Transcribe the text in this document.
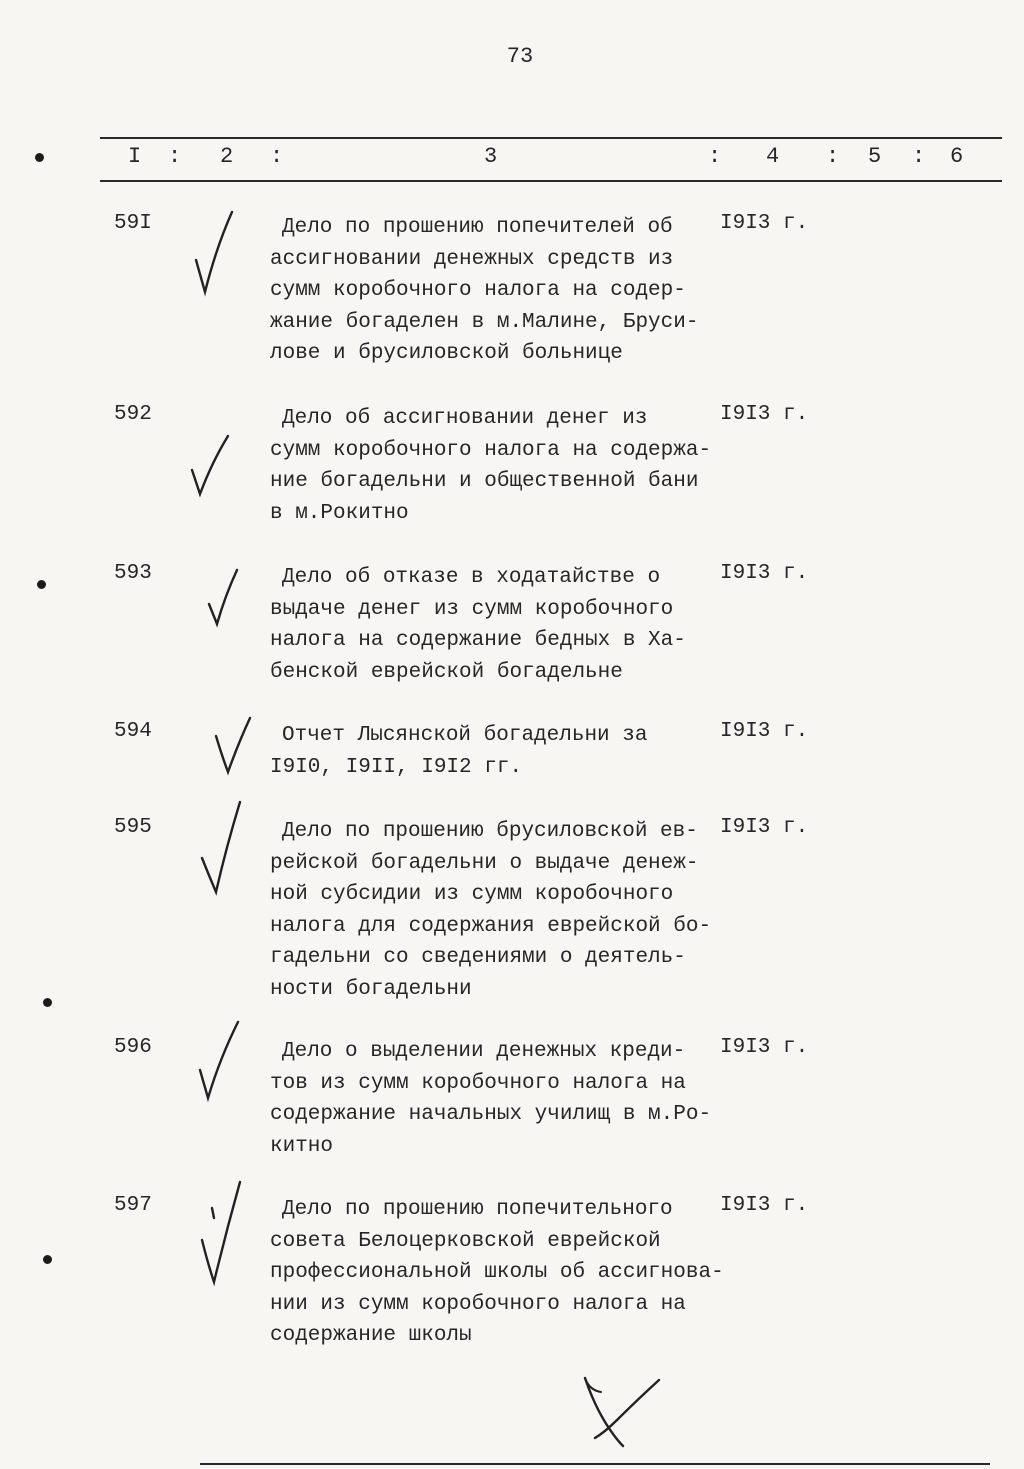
73
I : 2 :	3	: 4 : 5 : 6
59I	Дело по прошению попечителей об
ассигновании денежных средств из
сумм коробочного налога на содер-
жание богаделен в м.Малине, Бруси-
лове и брусиловской больнице
I9I3 г.
592	Дело об ассигновании денег из
сумм коробочного налога на содержа-
ние богадельни и общественной бани
в м.Рокитно
I9I3 г.
593	Дело об отказе в ходатайстве о
выдаче денег из сумм коробочного
налога на содержание бедных в Ха-
бенской еврейской богадельне
I9I3 г.
594	Отчет Лысянской богадельни за
I9I0, I9II, I9I2 гг.
I9I3 г.
595	Дело по прошению брусиловской ев-
рейской богадельни о выдаче денеж-
ной субсидии из сумм коробочного
налога для содержания еврейской бо-
гадельни со сведениями о деятель-
ности богадельни
I9I3 г.
596	Дело о выделении денежных креди-
тов из сумм коробочного налога на
содержание начальных училищ в м.Ро-
китно
I9I3 г.
597	Дело по прошению попечительного
совета Белоцерковской еврейской
профессиональной школы об ассигнова-
нии из сумм коробочного налога на
содержание школы
I9I3 г.
